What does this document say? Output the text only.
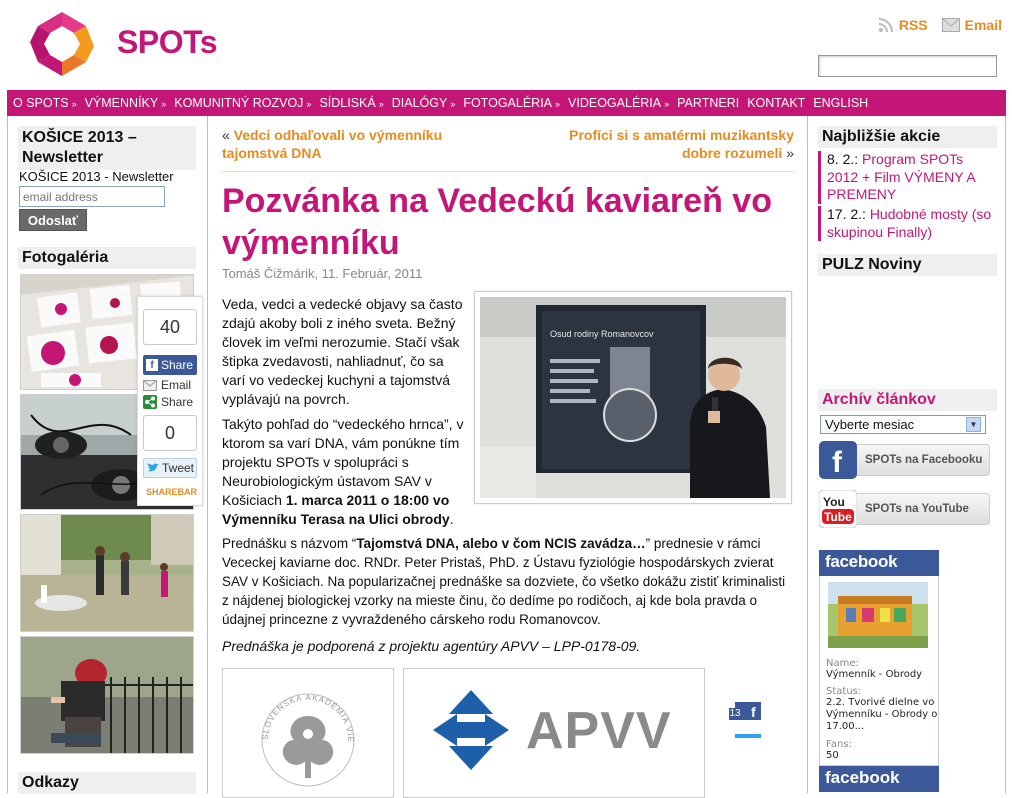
SPOTs	RSS	Email
O SPOTS » VÝMENNÍKY » KOMUNITNÝ ROZVOJ » SÍDLISKÁ » DIALÓGY » FOTOGALÉRIA » VIDEOGALÉRIA » PARTNERI KONTAKT ENGLISH
KOŠICE 2013 – Newsletter
KOŠICE 2013 - Newsletter
email address
Odoslať
Fotogaléria
Odkazy
40
f Share
Email
Share
0
Tweet
SHAREBAR
« Vedci odhaľovali vo výmenníku tajomstvá DNA
Profíci si s amatérmi muzikantsky dobre rozumeli »
Pozvánka na Vedeckú kaviareň vo výmenníku
Tomáš Čižmárik, 11. Február, 2011

Veda, vedci a vedecké objavy sa často zdajú akoby boli z iného sveta. Bežný človek im veľmi nerozumie. Stačí však štipka zvedavosti, nahliadnuť, čo sa varí vo vedeckej kuchyni a tajomstvá vyplávajú na povrch.

Osud rodiny Romanovcov

Takýto pohľad do “vedeckého hrnca”, v ktorom sa varí DNA, vám ponúkne tím projektu SPOTs v spolupráci s Neurobiologickým ústavom SAV v Košiciach 1. marca 2011 o 18:00 vo Výmenníku Terasa na Ulici obrody.

Prednášku s názvom “Tajomstvá DNA, alebo v čom NCIS zavádza…” prednesie v rámci Vececkej kaviarne doc. RNDr. Peter Pristaš, PhD. z Ústavu fyziológie hospodárskych zvierat SAV v Košiciach. Na popularizačnej prednáške sa dozviete, čo všetko dokážu zistiť kriminalisti z nájdenej biologickej vzorky na mieste činu, čo dedíme po rodičoch, aj kde bola pravda o údajnej princezne z vyvraždeného cárskeho rodu Romanovcov.

Prednáška je podporená z projektu agentúry APVV – LPP-0178-09.

SLOVENSKÁ AKADÉMIA VIE	APVV	f
13
Najbližšie akcie
8. 2.: Program SPOTs 2012 + Film VÝMENY A PREMENY
17. 2.: Hudobné mosty (so skupinou Finally)
PULZ Noviny
Archív článkov
Vyberte mesiac	▼
f SPOTs na Facebooku
You
Tube
SPOTs na YouTube
facebook
Name:
Výmenník - Obrody
Status:
2.2. Tvorivé dielne vo Výmenníku - Obrody o 17.00...
Fans:
50
facebook
